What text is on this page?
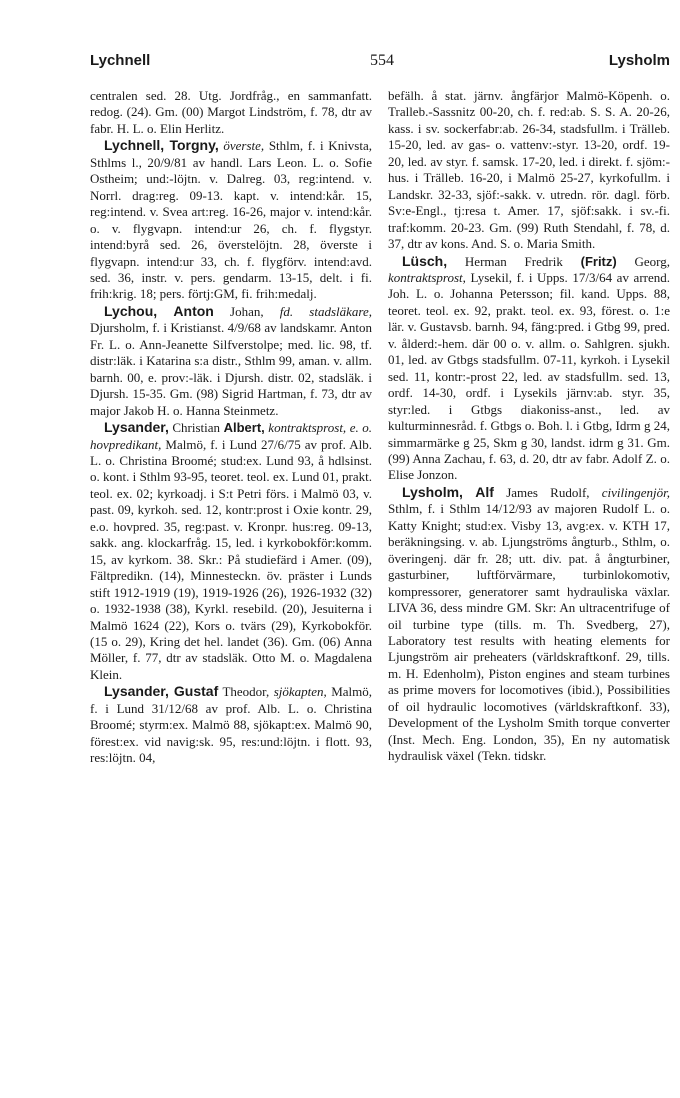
Lychnell	554	Lysholm

centralen sed. 28. Utg. Jordfråg., en sammanfatt. redog. (24). Gm. (00) Margot Lindström, f. 78, dtr av fabr. H. L. o. Elin Herlitz.

Lychnell, Torgny, överste, Sthlm, f. i Knivsta, Sthlms l., 20/9/81 av handl. Lars Leon. L. o. Sofie Ostheim; und:-löjtn. v. Dalreg. 03, reg:intend. v. Norrl. drag:reg. 09-13. kapt. v. intend:kår. 15, reg:intend. v. Svea art:reg. 16-26, major v. intend:kår. o. v. flygvapn. intend:ur 26, ch. f. flygstyr. intend:byrå sed. 26, överstelöjtn. 28, överste i flygvapn. intend:ur 33, ch. f. flygförv. intend:avd. sed. 36, instr. v. pers. gendarm. 13-15, delt. i fi. frih:krig. 18; pers. förtj:GM, fi. frih:medalj.

Lychou, Anton Johan, fd. stadsläkare, Djursholm, f. i Kristianst. 4/9/68 av landskamr. Anton Fr. L. o. Ann-Jeanette Silfverstolpe; med. lic. 98, tf. distr:läk. i Katarina s:a distr., Sthlm 99, aman. v. allm. barnh. 00, e. prov:-läk. i Djursh. distr. 02, stadsläk. i Djursh. 15-35. Gm. (98) Sigrid Hartman, f. 73, dtr av major Jakob H. o. Hanna Steinmetz.

Lysander, Christian Albert, kontraktsprost, e. o. hovpredikant, Malmö, f. i Lund 27/6/75 av prof. Alb. L. o. Christina Broomé; stud:ex. Lund 93, å hdlsinst. o. kont. i Sthlm 93-95, teoret. teol. ex. Lund 01, prakt. teol. ex. 02; kyrkoadj. i S:t Petri förs. i Malmö 03, v. past. 09, kyrkoh. sed. 12, kontr:prost i Oxie kontr. 29, e.o. hovpred. 35, reg:past. v. Kronpr. hus:reg. 09-13, sakk. ang. klockarfråg. 15, led. i kyrkobokför:komm. 15, av kyrkom. 38. Skr.: På studiefärd i Amer. (09), Fältpredikn. (14), Minnesteckn. öv. präster i Lunds stift 1912-1919 (19), 1919-1926 (26), 1926-1932 (32) o. 1932-1938 (38), Kyrkl. resebild. (20), Jesuiterna i Malmö 1624 (22), Kors o. tvärs (29), Kyrkobokför. (15 o. 29), Kring det hel. landet (36). Gm. (06) Anna Möller, f. 77, dtr av stadsläk. Otto M. o. Magdalena Klein.

Lysander, Gustaf Theodor, sjökapten, Malmö, f. i Lund 31/12/68 av prof. Alb. L. o. Christina Broomé; styrm:ex. Malmö 88, sjökapt:ex. Malmö 90, förest:ex. vid navig:sk. 95, res:und:löjtn. i flott. 93, res:löjtn. 04,

befälh. å stat. järnv. ångfärjor Malmö-Köpenh. o. Tralleb.-Sassnitz 00-20, ch. f. red:ab. S. S. A. 20-26, kass. i sv. sockerfabr:ab. 26-34, stadsfullm. i Trälleb. 15-20, led. av gas- o. vattenv:-styr. 13-20, ordf. 19-20, led. av styr. f. samsk. 17-20, led. i direkt. f. sjöm:-hus. i Trälleb. 16-20, i Malmö 25-27, kyrkofullm. i Landskr. 32-33, sjöf:-sakk. v. utredn. rör. dagl. förb. Sv:e-Engl., tj:resa t. Amer. 17, sjöf:sakk. i sv.-fi. traf:komm. 20-23. Gm. (99) Ruth Stendahl, f. 78, d. 37, dtr av kons. And. S. o. Maria Smith.

Lüsch, Herman Fredrik (Fritz) Georg, kontraktsprost, Lysekil, f. i Upps. 17/3/64 av arrend. Joh. L. o. Johanna Petersson; fil. kand. Upps. 88, teoret. teol. ex. 92, prakt. teol. ex. 93, förest. o. 1:e lär. v. Gustavsb. barnh. 94, fäng:pred. i Gtbg 99, pred. v. ålderd:-hem. där 00 o. v. allm. o. Sahlgren. sjukh. 01, led. av Gtbgs stadsfullm. 07-11, kyrkoh. i Lysekil sed. 11, kontr:-prost 22, led. av stadsfullm. sed. 13, ordf. 14-30, ordf. i Lysekils järnv:ab. styr. 35, styr:led. i Gtbgs diakoniss-anst., led. av kulturminnesråd. f. Gtbgs o. Boh. l. i Gtbg, Idrm g 24, simmarmärke g 25, Skm g 30, landst. idrm g 31. Gm. (99) Anna Zachau, f. 63, d. 20, dtr av fabr. Adolf Z. o. Elise Jonzon.

Lysholm, Alf James Rudolf, civilingenjör, Sthlm, f. i Sthlm 14/12/93 av majoren Rudolf L. o. Katty Knight; stud:ex. Visby 13, avg:ex. v. KTH 17, beräkningsing. v. ab. Ljungströms ångturb., Sthlm, o. överingenj. där fr. 28; utt. div. pat. å ångturbiner, gasturbiner, luftförvärmare, turbinlokomotiv, kompressorer, generatorer samt hydrauliska växlar. LIVA 36, dess mindre GM. Skr: An ultracentrifuge of oil turbine type (tills. m. Th. Svedberg, 27), Laboratory test results with heating elements for Ljungström air preheaters (världskraftkonf. 29, tills. m. H. Edenholm), Piston engines and steam turbines as prime movers for locomotives (ibid.), Possibilities of oil hydraulic locomotives (världskraftkonf. 33), Development of the Lysholm Smith torque converter (Inst. Mech. Eng. London, 35), En ny automatisk hydraulisk växel (Tekn. tidskr.
